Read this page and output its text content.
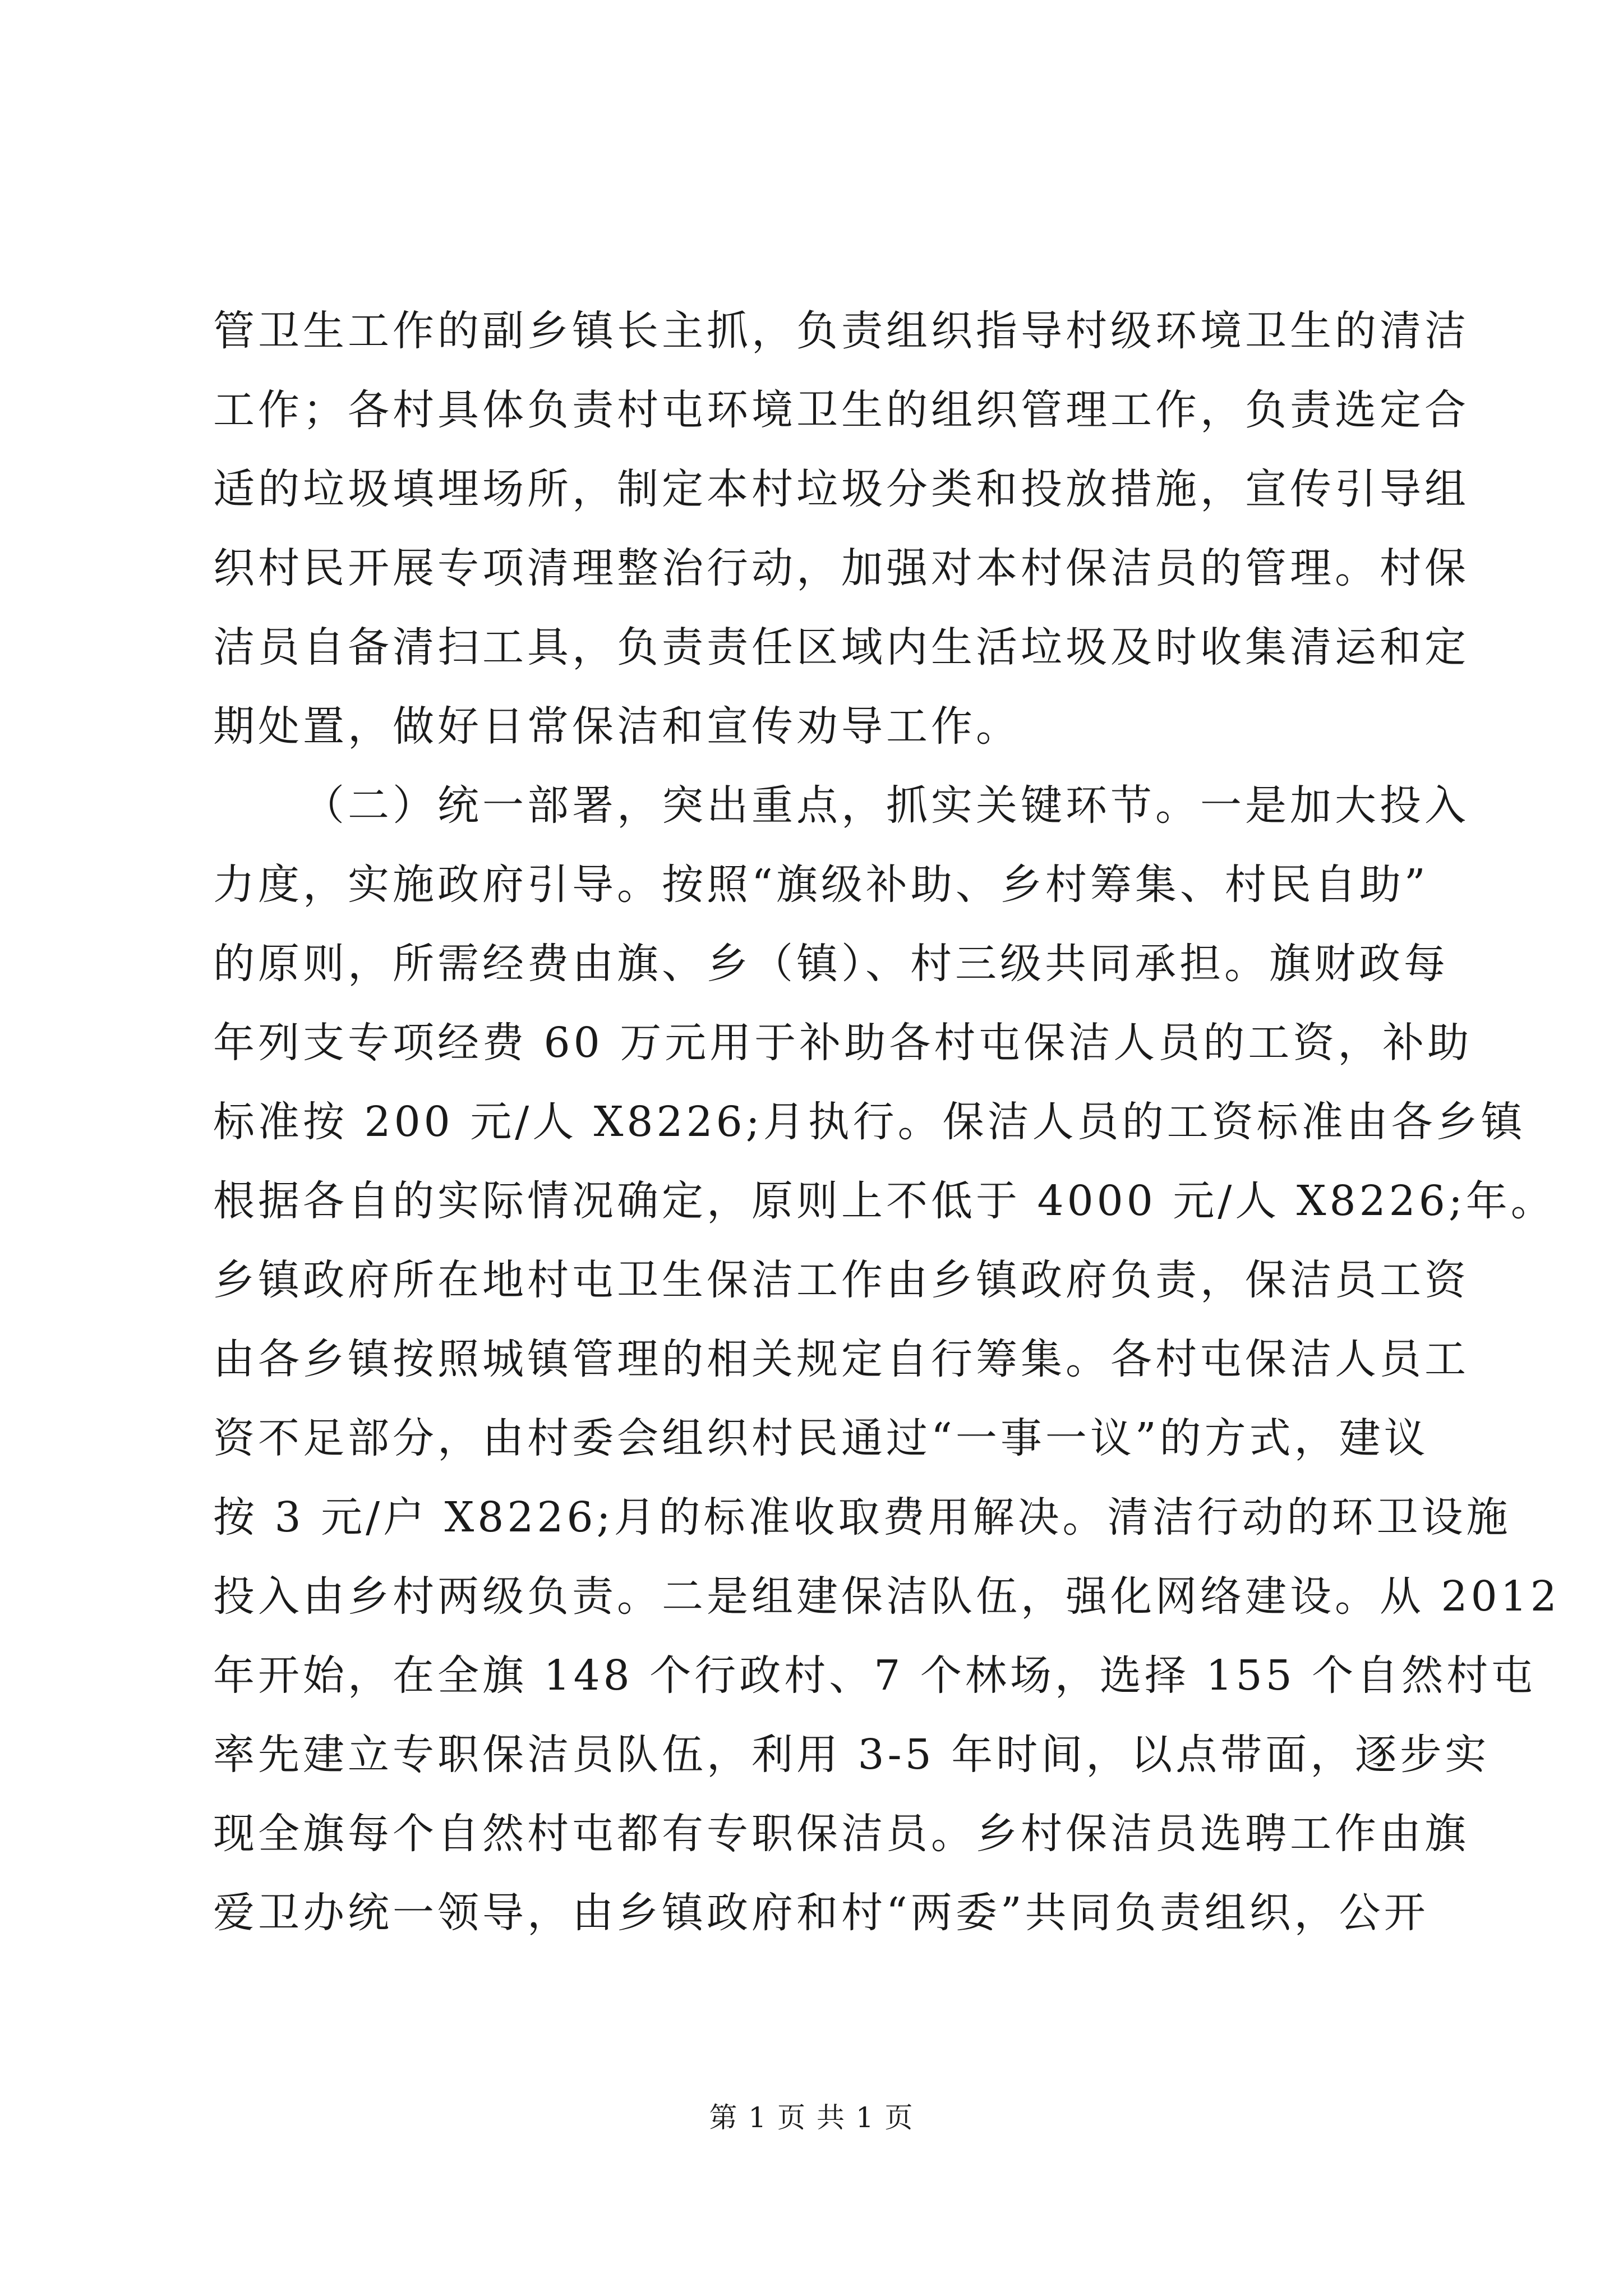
管卫生工作的副乡镇长主抓，负责组织指导村级环境卫生的清洁
工作；各村具体负责村屯环境卫生的组织管理工作，负责选定合
适的垃圾填埋场所，制定本村垃圾分类和投放措施，宣传引导组
织村民开展专项清理整治行动，加强对本村保洁员的管理。村保
洁员自备清扫工具，负责责任区域内生活垃圾及时收集清运和定
期处置，做好日常保洁和宣传劝导工作。
（二）统一部署，突出重点，抓实关键环节。一是加大投入
力度，实施政府引导。按照“旗级补助、乡村筹集、村民自助”
的原则，所需经费由旗、乡（镇）、村三级共同承担。旗财政每
年列支专项经费 60 万元用于补助各村屯保洁人员的工资，补助
标准按 200 元/人 X8226;月执行。保洁人员的工资标准由各乡镇
根据各自的实际情况确定，原则上不低于 4000 元/人 X8226;年。
乡镇政府所在地村屯卫生保洁工作由乡镇政府负责，保洁员工资
由各乡镇按照城镇管理的相关规定自行筹集。各村屯保洁人员工
资不足部分，由村委会组织村民通过“一事一议”的方式，建议
按 3 元/户 X8226;月的标准收取费用解决。清洁行动的环卫设施
投入由乡村两级负责。二是组建保洁队伍，强化网络建设。从 2012
年开始，在全旗 148 个行政村、7 个林场，选择 155 个自然村屯
率先建立专职保洁员队伍，利用 3-5 年时间，以点带面，逐步实
现全旗每个自然村屯都有专职保洁员。乡村保洁员选聘工作由旗
爱卫办统一领导，由乡镇政府和村“两委”共同负责组织，公开
第 1 页 共 1 页
